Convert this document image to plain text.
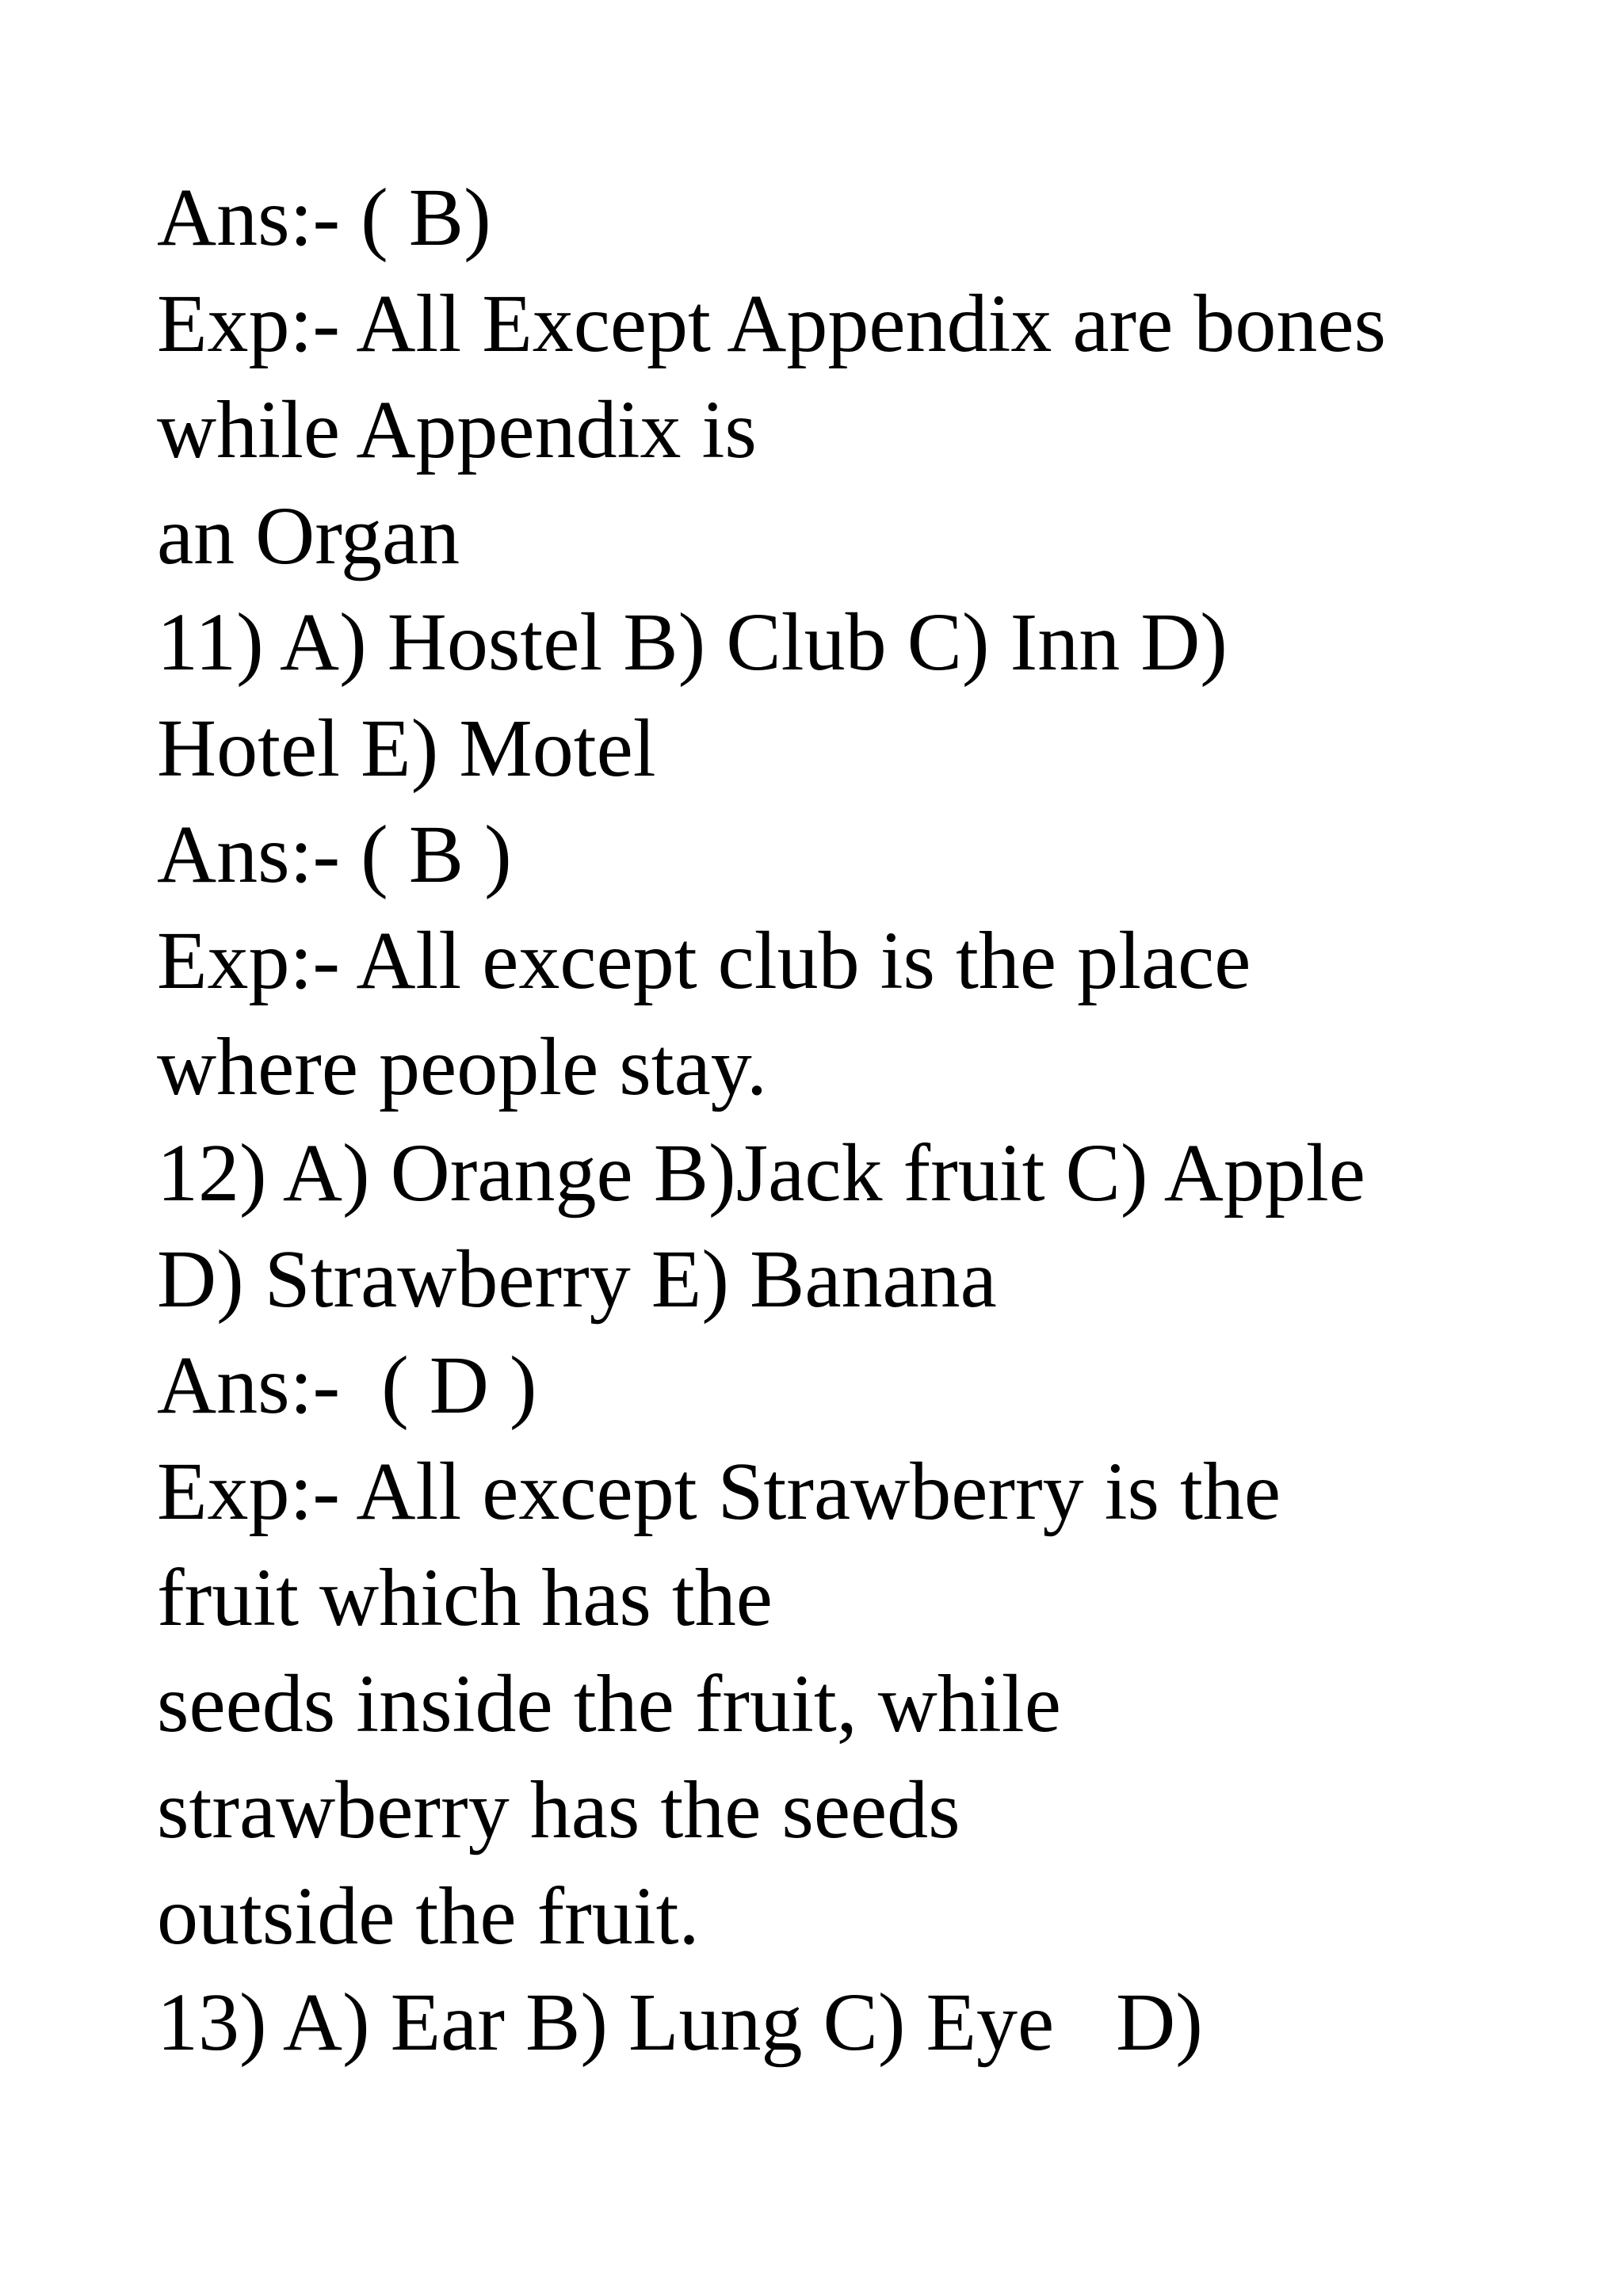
Ans:- ( B)
Exp:- All Except Appendix are bones
while Appendix is
an Organ
11) A) Hostel B) Club C) Inn D)
Hotel E) Motel
Ans:- ( B )
Exp:- All except club is the place
where people stay.
12) A) Orange B)Jack fruit C) Apple
D) Strawberry E) Banana
Ans:-  ( D )
Exp:- All except Strawberry is the
fruit which has the
seeds inside the fruit, while
strawberry has the seeds
outside the fruit.
13) A) Ear B) Lung C) Eye   D)
